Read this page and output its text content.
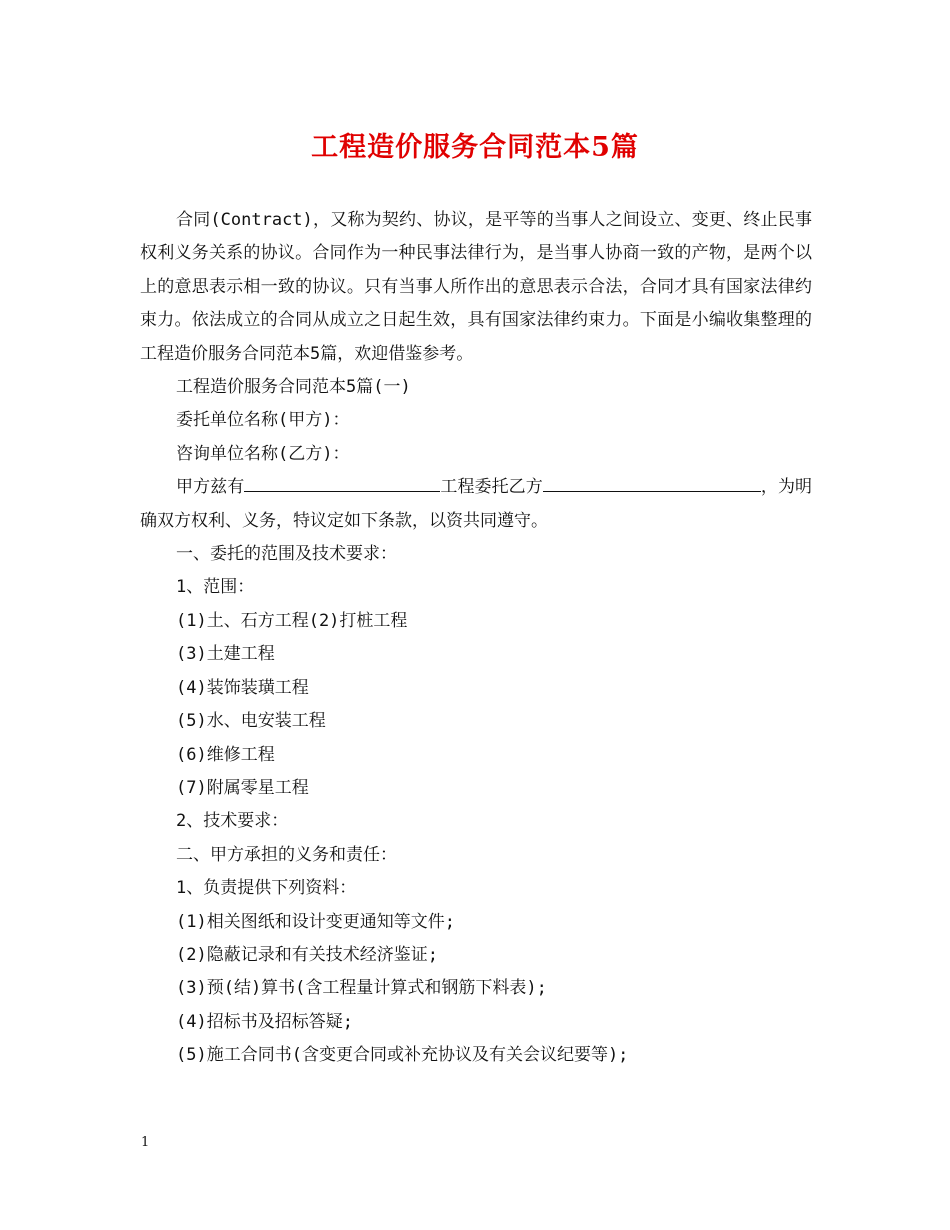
工程造价服务合同范本5篇

合同(Contract)，又称为契约、协议，是平等的当事人之间设立、变更、终止民事权利义务关系的协议。合同作为一种民事法律行为，是当事人协商一致的产物，是两个以上的意思表示相一致的协议。只有当事人所作出的意思表示合法，合同才具有国家法律约束力。依法成立的合同从成立之日起生效，具有国家法律约束力。下面是小编收集整理的工程造价服务合同范本5篇，欢迎借鉴参考。

工程造价服务合同范本5篇(一)

委托单位名称(甲方)：

咨询单位名称(乙方)：

甲方兹有	工程委托乙方	，为明确双方权利、义务，特议定如下条款，以资共同遵守。

一、委托的范围及技术要求：

1、范围：

(1)土、石方工程(2)打桩工程

(3)土建工程

(4)装饰装璜工程

(5)水、电安装工程

(6)维修工程

(7)附属零星工程

2、技术要求：

二、甲方承担的义务和责任：

1、负责提供下列资料：

(1)相关图纸和设计变更通知等文件;

(2)隐蔽记录和有关技术经济鉴证;

(3)预(结)算书(含工程量计算式和钢筋下料表);

(4)招标书及招标答疑;

(5)施工合同书(含变更合同或补充协议及有关会议纪要等);

1
